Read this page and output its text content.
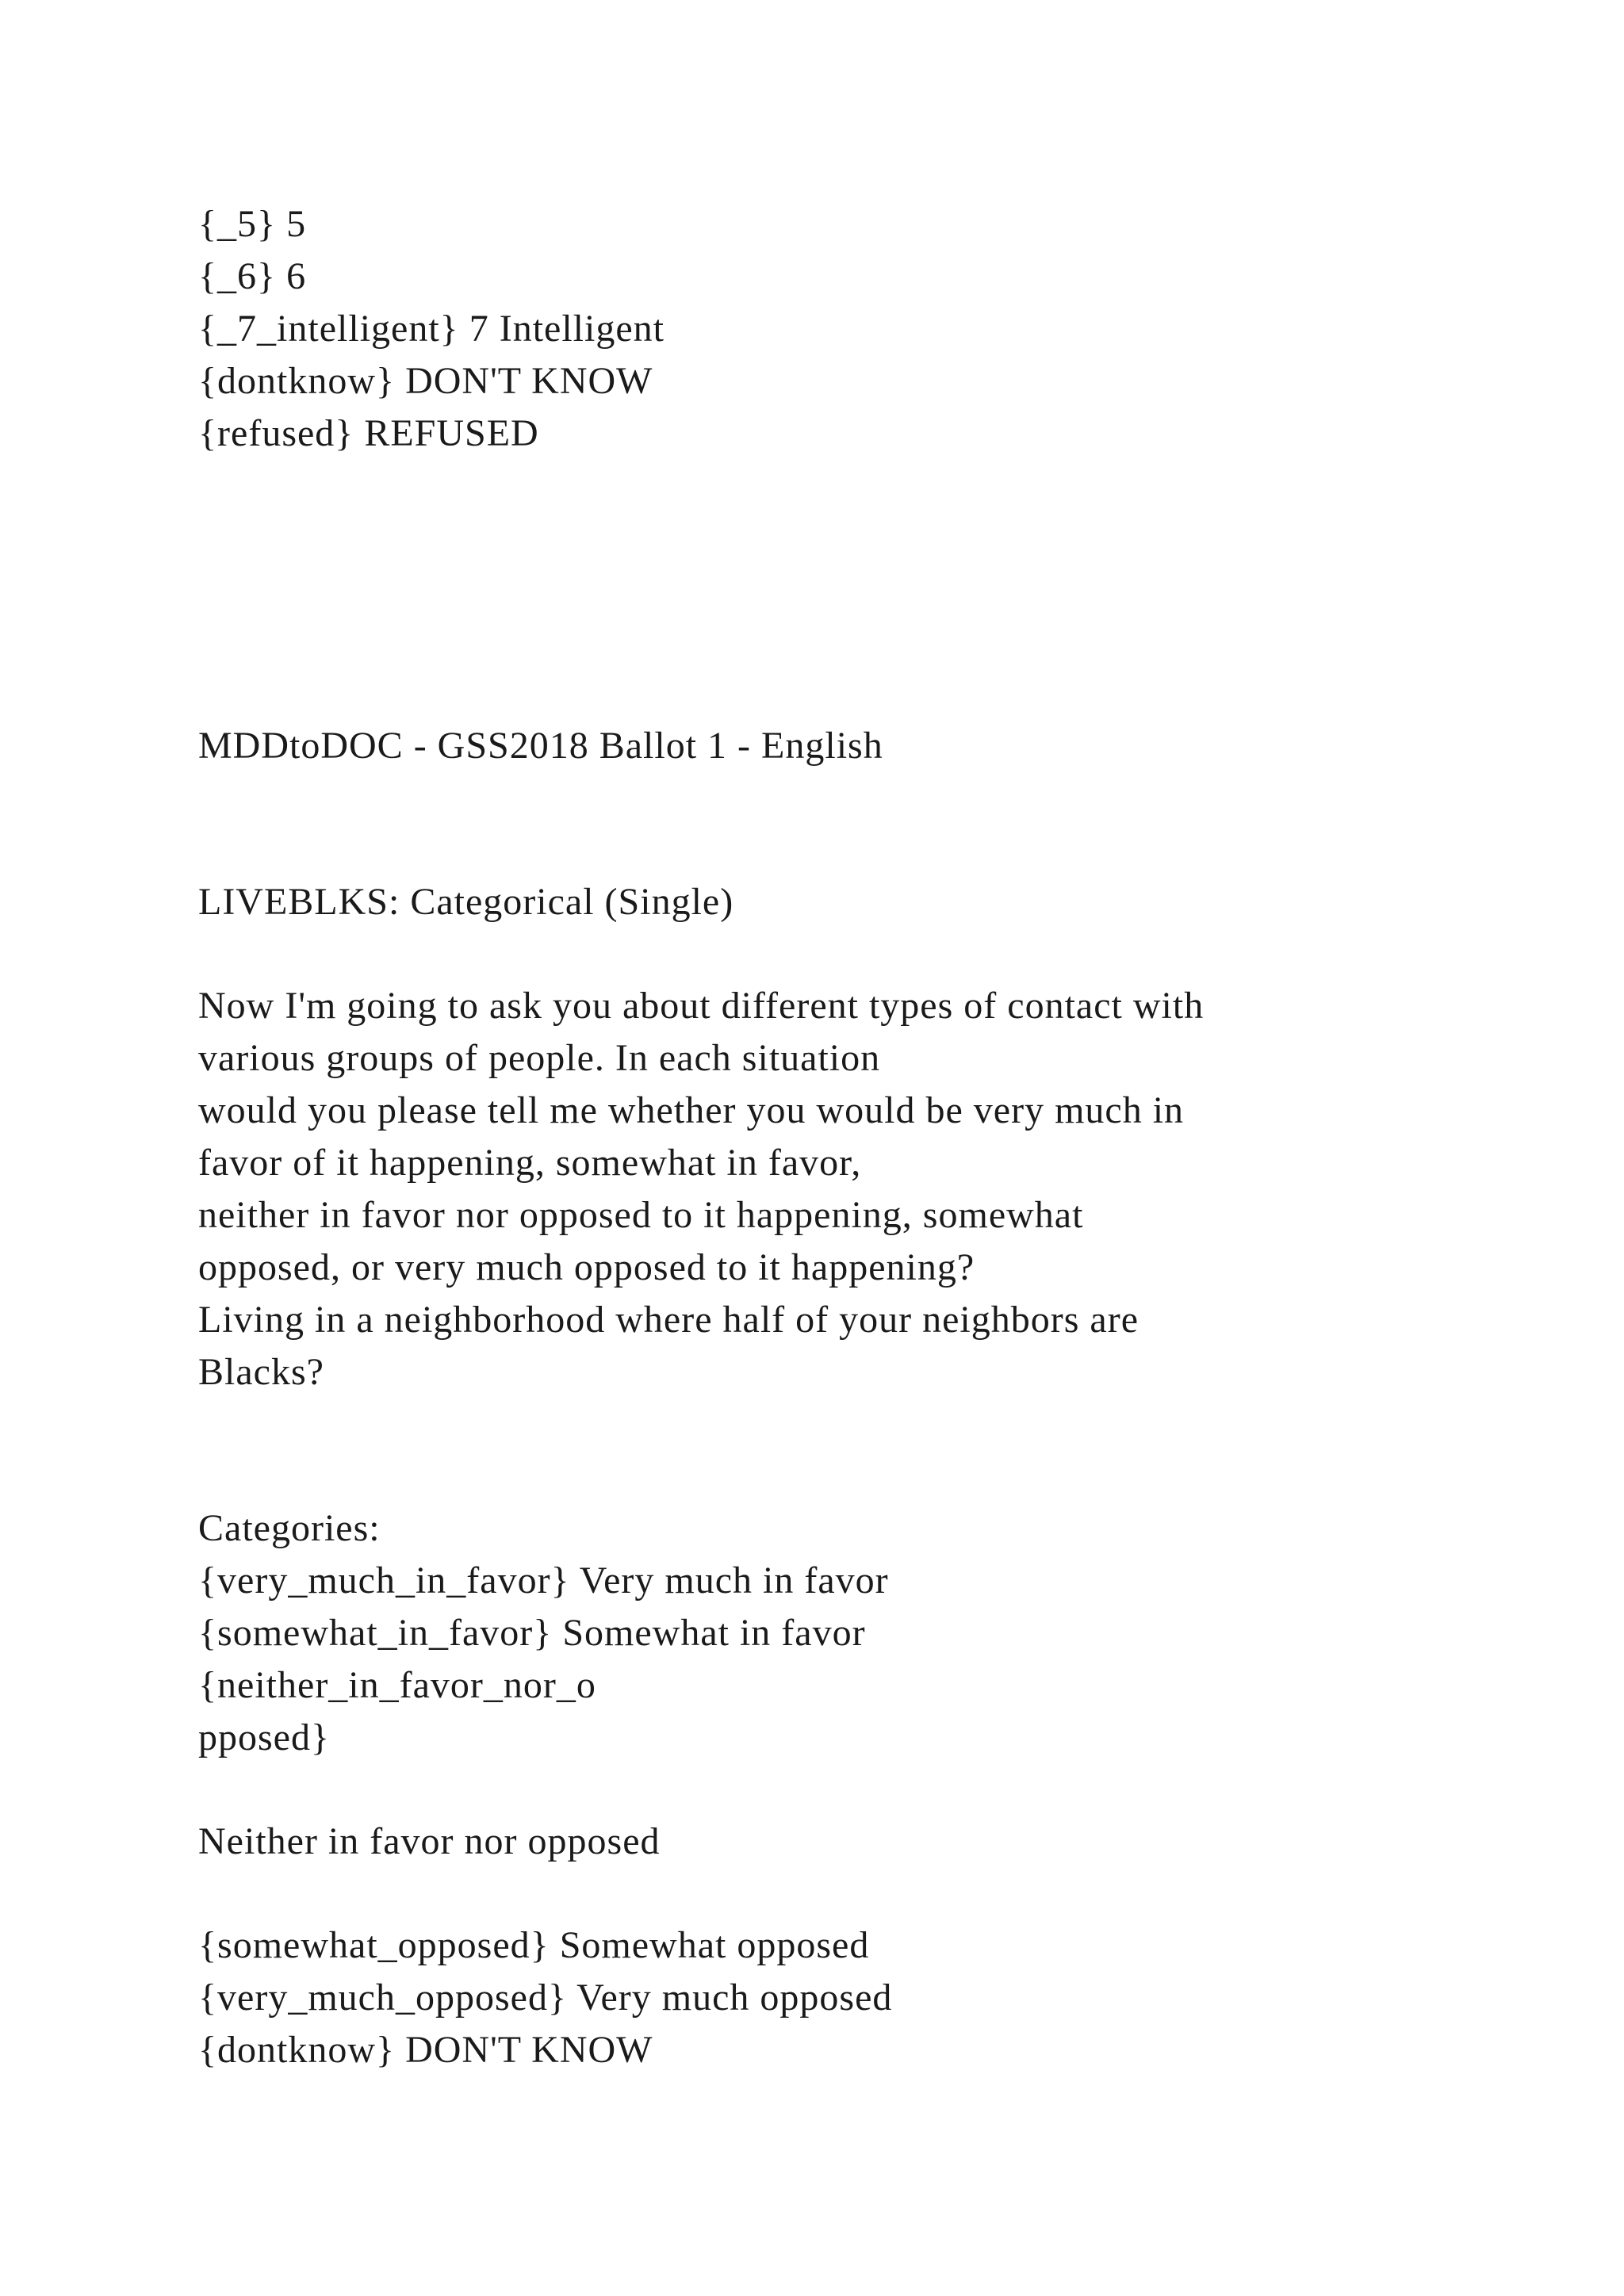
{_5} 5
{_6} 6
{_7_intelligent} 7 Intelligent
{dontknow} DON'T KNOW
{refused} REFUSED
MDDtoDOC - GSS2018 Ballot 1 - English
LIVEBLKS: Categorical (Single)
Now I'm going to ask you about different types of contact with
various groups of people. In each situation
would you please tell me whether you would be very much in
favor of it happening, somewhat in favor,
neither in favor nor opposed to it happening, somewhat
opposed, or very much opposed to it happening?
Living in a neighborhood where half of your neighbors are
Blacks?
Categories:
{very_much_in_favor} Very much in favor
{somewhat_in_favor} Somewhat in favor
{neither_in_favor_nor_o
pposed}
Neither in favor nor opposed
{somewhat_opposed} Somewhat opposed
{very_much_opposed} Very much opposed
{dontknow} DON'T KNOW
